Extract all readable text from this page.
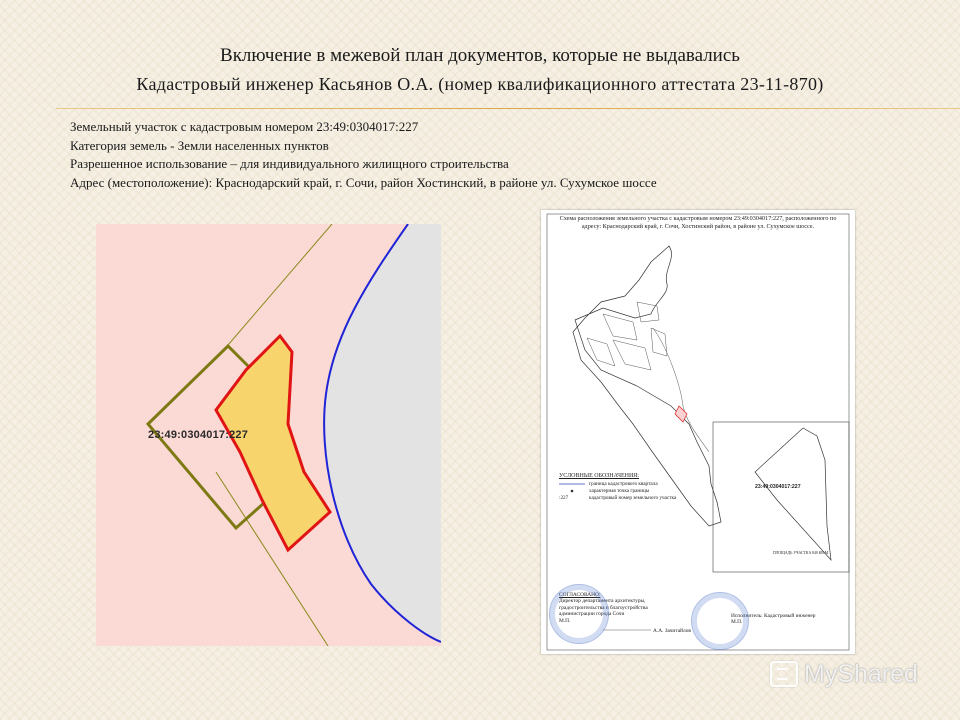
Включение в межевой план документов, которые не выдавались
Кадастровый инженер Касьянов О.А. (номер квалификационного аттестата 23-11-870)
Земельный участок с кадастровым номером 23:49:0304017:227
Категория земель - Земли населенных пунктов
Разрешенное использование – для индивидуального жилищного строительства
Адрес (местоположение): Краснодарский край, г. Сочи, район Хостинский, в районе ул. Сухумское шоссе
23:49:0304017:227
Схема расположения земельного участка с кадастровым номером 23:49:0304017:227, расположенного по адресу: Краснодарский край, г. Сочи, Хостинский район, в районе ул. Сухумское шоссе.
УСЛОВНЫЕ ОБОЗНАЧЕНИЯ:
граница кадастрового квартала
характерная точка границы
:227	кадастровый номер земельного участка
23:49:0304017:227
ПЛОЩАДЬ УЧАСТКА 840 КВ.М.
СОГЛАСОВАНО:
Директор департамента архитектуры,
градостроительства и благоустройства
администрации города Сочи
М.П.
А.А. Зачитайлов
Исполнитель: Кадастровый инженер
М.П.
MyShared
